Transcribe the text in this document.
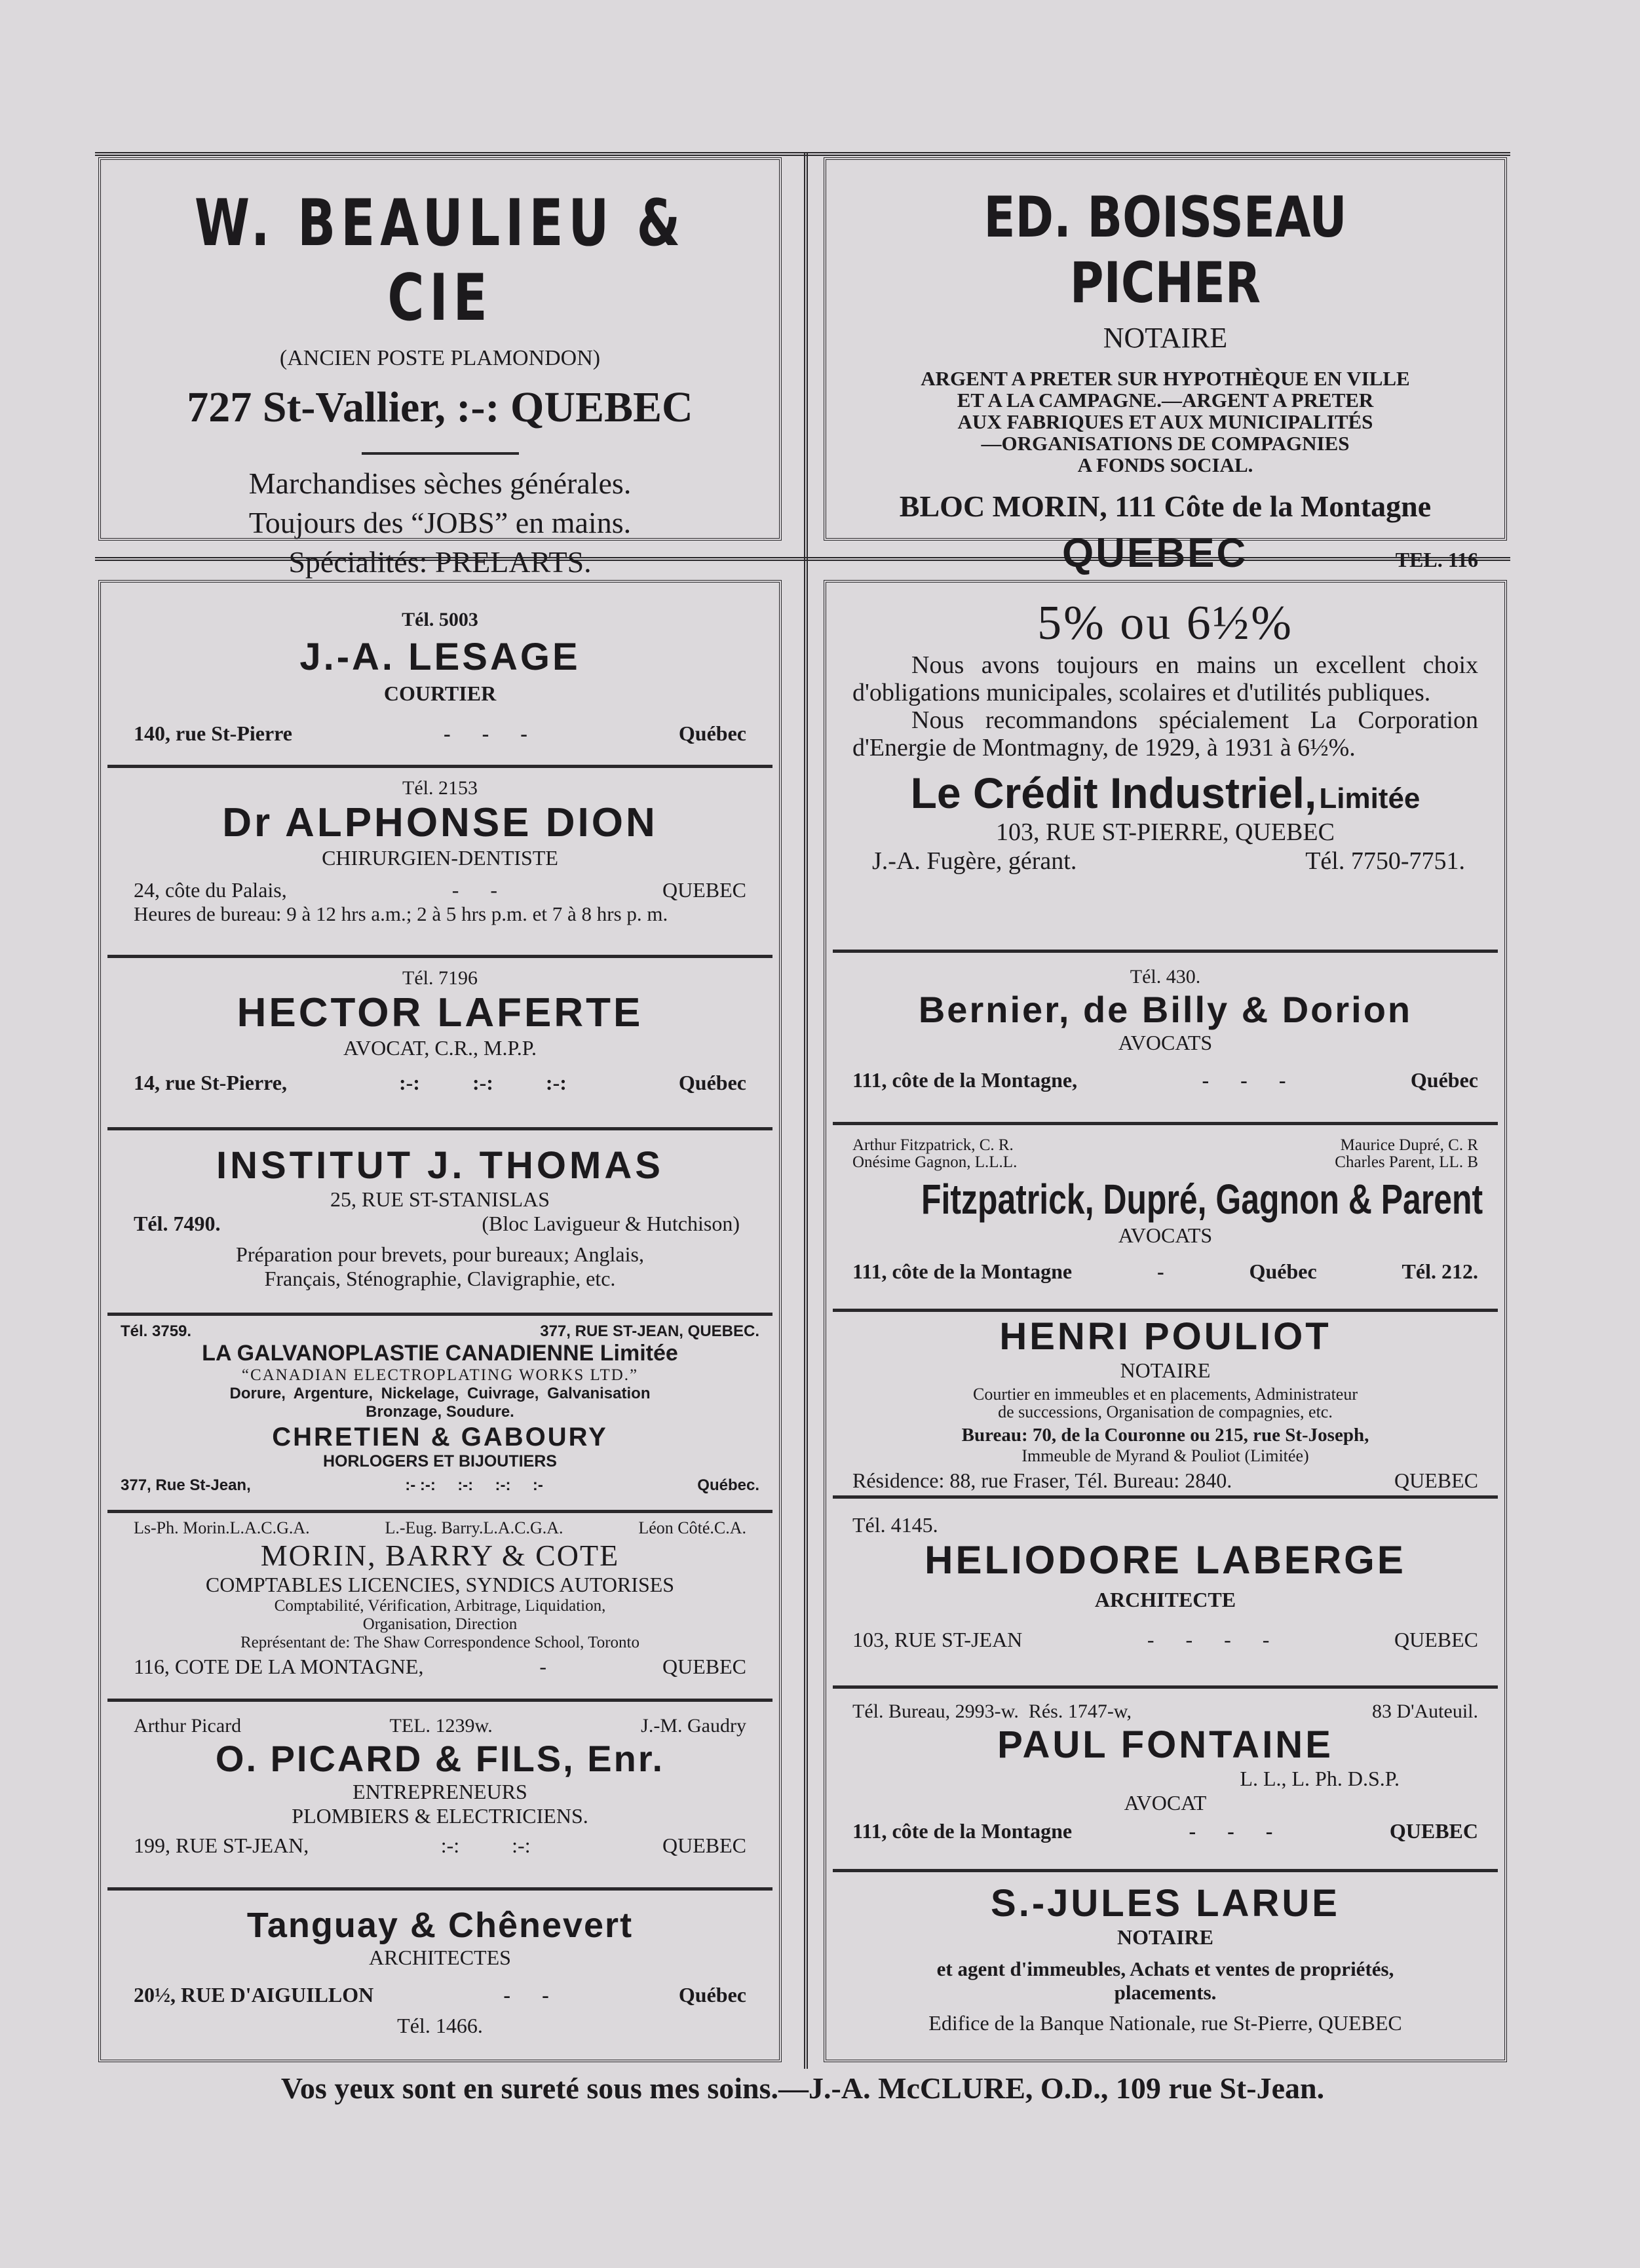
W. BEAULIEU & CIE
(ANCIEN POSTE PLAMONDON)
727 St-Vallier, :-: QUEBEC
Marchandises sèches générales.
Toujours des “JOBS” en mains.
Spécialités: PRELARTS.
ED. BOISSEAU PICHER
NOTAIRE
ARGENT A PRETER SUR HYPOTHÈQUE EN VILLE
ET A LA CAMPAGNE.—ARGENT A PRETER
AUX FABRIQUES ET AUX MUNICIPALITÉS
—ORGANISATIONS DE COMPAGNIES
A FONDS SOCIAL.
BLOC MORIN, 111 Côte de la Montagne
QUEBEC	TEL. 116
Tél. 5003
J.-A. LESAGE
COURTIER
140, rue St-Pierre	-      -      -	Québec
Tél. 2153
Dr ALPHONSE DION
CHIRURGIEN-DENTISTE
24, côte du Palais,	-      -	QUEBEC
Heures de bureau: 9 à 12 hrs a.m.; 2 à 5 hrs p.m. et 7 à 8 hrs p. m.
Tél. 7196
HECTOR LAFERTE
AVOCAT, C.R., M.P.P.
14, rue St-Pierre,	:-:          :-:          :-:	Québec
INSTITUT J. THOMAS
25, RUE ST-STANISLAS
Tél. 7490.	(Bloc Lavigueur & Hutchison)
Préparation pour brevets, pour bureaux; Anglais,
Français, Sténographie, Clavigraphie, etc.
Tél. 3759.	377, RUE ST-JEAN, QUEBEC.
LA GALVANOPLASTIE CANADIENNE Limitée
“CANADIAN ELECTROPLATING WORKS LTD.”
Dorure, Argenture, Nickelage, Cuivrage, Galvanisation
Bronzage, Soudure.
CHRETIEN & GABOURY
HORLOGERS ET BIJOUTIERS
377, Rue St-Jean,	:- :-:     :-:     :-:     :-	Québec.
Ls-Ph. Morin.L.A.C.G.A.	L.-Eug. Barry.L.A.C.G.A.	Léon Côté.C.A.
MORIN, BARRY & COTE
COMPTABLES LICENCIES, SYNDICS AUTORISES
Comptabilité, Vérification, Arbitrage, Liquidation,
Organisation, Direction
Représentant de: The Shaw Correspondence School, Toronto
116, COTE DE LA MONTAGNE,	-	QUEBEC
Arthur Picard	TEL. 1239w.	J.-M. Gaudry
O. PICARD & FILS, Enr.
ENTREPRENEURS
PLOMBIERS & ELECTRICIENS.
199, RUE ST-JEAN,	:-:          :-:	QUEBEC
Tanguay & Chênevert
ARCHITECTES
20½, RUE D'AIGUILLON	-      -	Québec
Tél. 1466.
5% ou 6½%

Nous avons toujours en mains un excellent choix d'obligations municipales, scolaires et d'utilités publiques.

Nous recommandons spécialement La Corporation d'Energie de Montmagny, de 1929, à 1931 à 6½%.

Le Crédit Industriel, Limitée
103, RUE ST-PIERRE, QUEBEC
J.-A. Fugère, gérant.	Tél. 7750-7751.
Tél. 430.
Bernier, de Billy & Dorion
AVOCATS
111, côte de la Montagne,	-      -      -	Québec
Arthur Fitzpatrick, C. R.
Onésime Gagnon, L.L.L.
Maurice Dupré, C. R
Charles Parent, LL. B
Fitzpatrick, Dupré, Gagnon & Parent
AVOCATS
111, côte de la Montagne	-	Québec	Tél. 212.
HENRI POULIOT
NOTAIRE
Courtier en immeubles et en placements, Administrateur
de successions, Organisation de compagnies, etc.
Bureau: 70, de la Couronne ou 215, rue St-Joseph,
Immeuble de Myrand & Pouliot (Limitée)
Résidence: 88, rue Fraser, Tél. Bureau: 2840.	QUEBEC
Tél. 4145.
HELIODORE LABERGE
ARCHITECTE
103, RUE ST-JEAN	-      -      -      -	QUEBEC
Tél. Bureau, 2993-w.  Rés. 1747-w,	83 D'Auteuil.
PAUL FONTAINE
L. L., L. Ph. D.S.P.
AVOCAT
111, côte de la Montagne	-      -      -	QUEBEC
S.-JULES LARUE
NOTAIRE
et agent d'immeubles, Achats et ventes de propriétés,
placements.
Edifice de la Banque Nationale, rue St-Pierre, QUEBEC
Vos yeux sont en sureté sous mes soins.—J.-A. McCLURE, O.D., 109 rue St-Jean.
